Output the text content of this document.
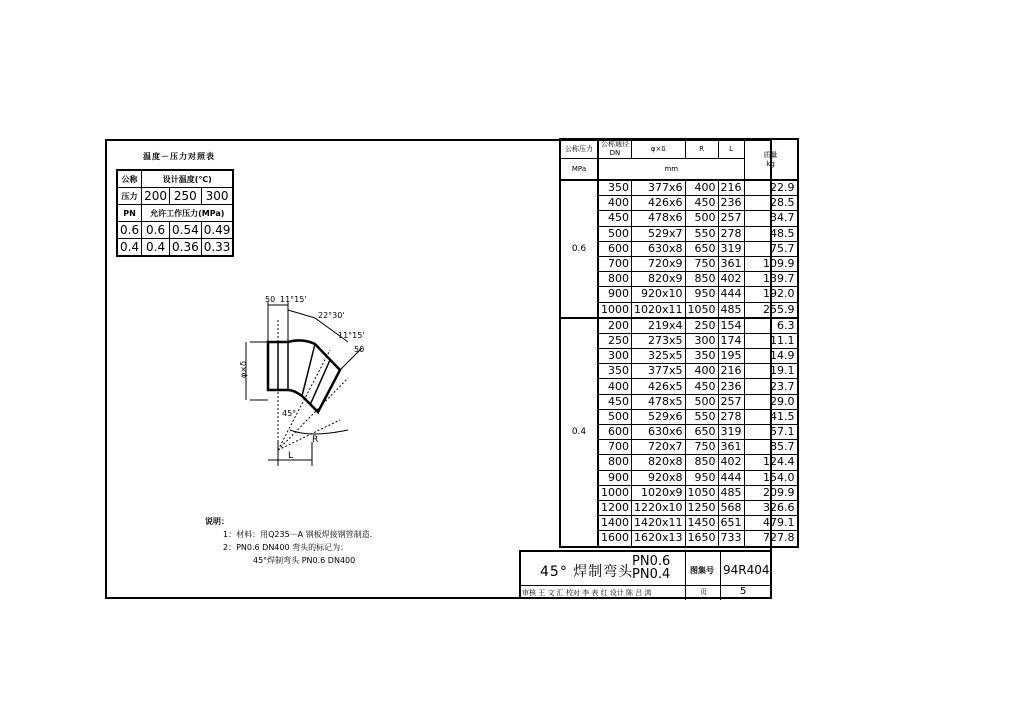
温度－压力对照表
公称	设计温度(℃)		
压力	200	250	300
PN	允许工作压力(MPa)		
0.6	0.6	0.54	0.49
0.4	0.4	0.36	0.33
50 11°15'
22°30'
11°15'
50
φ×δ
45°
R
L
公称压力	公称通径
DN	φ×δ	R	L	质量
kg
MPa	mm				
0.6	350	377x6	400	216	22.9
	400	426x6	450	236	28.5
	450	478x6	500	257	34.7
	500	529x7	550	278	48.5
	600	630x8	650	319	75.7
	700	720x9	750	361	109.9
	800	820x9	850	402	139.7
	900	920x10	950	444	192.0
	1000	1020x11	1050	485	255.9
0.4	200	219x4	250	154	6.3
	250	273x5	300	174	11.1
	300	325x5	350	195	14.9
	350	377x5	400	216	19.1
	400	426x5	450	236	23.7
	450	478x5	500	257	29.0
	500	529x6	550	278	41.5
	600	630x6	650	319	57.1
	700	720x7	750	361	85.7
	800	820x8	850	402	124.4
	900	920x8	950	444	154.0
	1000	1020x9	1050	485	209.9
	1200	1220x10	1250	568	326.6
	1400	1420x11	1450	651	479.1
	1600	1620x13	1650	733	727.8
说明：
1：材料：用Q235－A 钢板焊接钢管制造.
2：PN0.6 DN400 弯头的标记为：
45°焊制弯头 PN0.6 DN400
45° 焊制弯头
PN0.6
PN0.4 图集号 94R404
审核 王 文 汇 校对 李 表 红 设计 陈 吕 鸿	页	5
